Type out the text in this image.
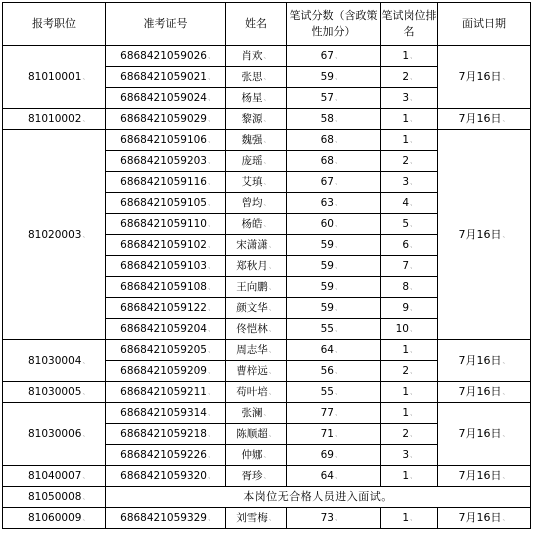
报考职位	准考证号	姓名	笔试分数（含政策性加分）	笔试岗位排名	面试日期
81010001、	6868421059026、	肖欢、	67、	1、	7月16日、
	6868421059021、	张思、	59、	2、	
	6868421059024、	杨星、	57、	3、	
81010002、	6868421059029、	黎源、	58、	1、	7月16日、
81020003、	6868421059106、	魏强、	68、	1、	7月16日、
	6868421059203、	庞瑶、	68、	2、	
	6868421059116、	艾瑱、	67、	3、	
	6868421059105、	曾均、	63、	4、	
	6868421059110、	杨皓、	60、	5、	
	6868421059102、	宋潇潇、	59、	6、	
	6868421059103、	郑秋月、	59、	7、	
	6868421059108、	王向鹏、	59、	8、	
	6868421059122、	颜文华、	59、	9、	
	6868421059204、	佟恺林、	55、	10、	
81030004、	6868421059205、	周志华、	64、	1、	7月16日、
	6868421059209、	曹梓远、	56、	2、	
81030005、	6868421059211、	苟叶培、	55、	1、	7月16日、
81030006、	6868421059314、	张澜、	77、	1、	7月16日、
	6868421059218、	陈顺超、	71、	2、	
	6868421059226、	仲娜、	69、	3、	
81040007、	6868421059320、	胥珍、	64、	1、	7月16日、
81050008、	本岗位无合格人员进入面试。				
81060009、	6868421059329、	刘雪梅、	73、	1、	7月16日、
